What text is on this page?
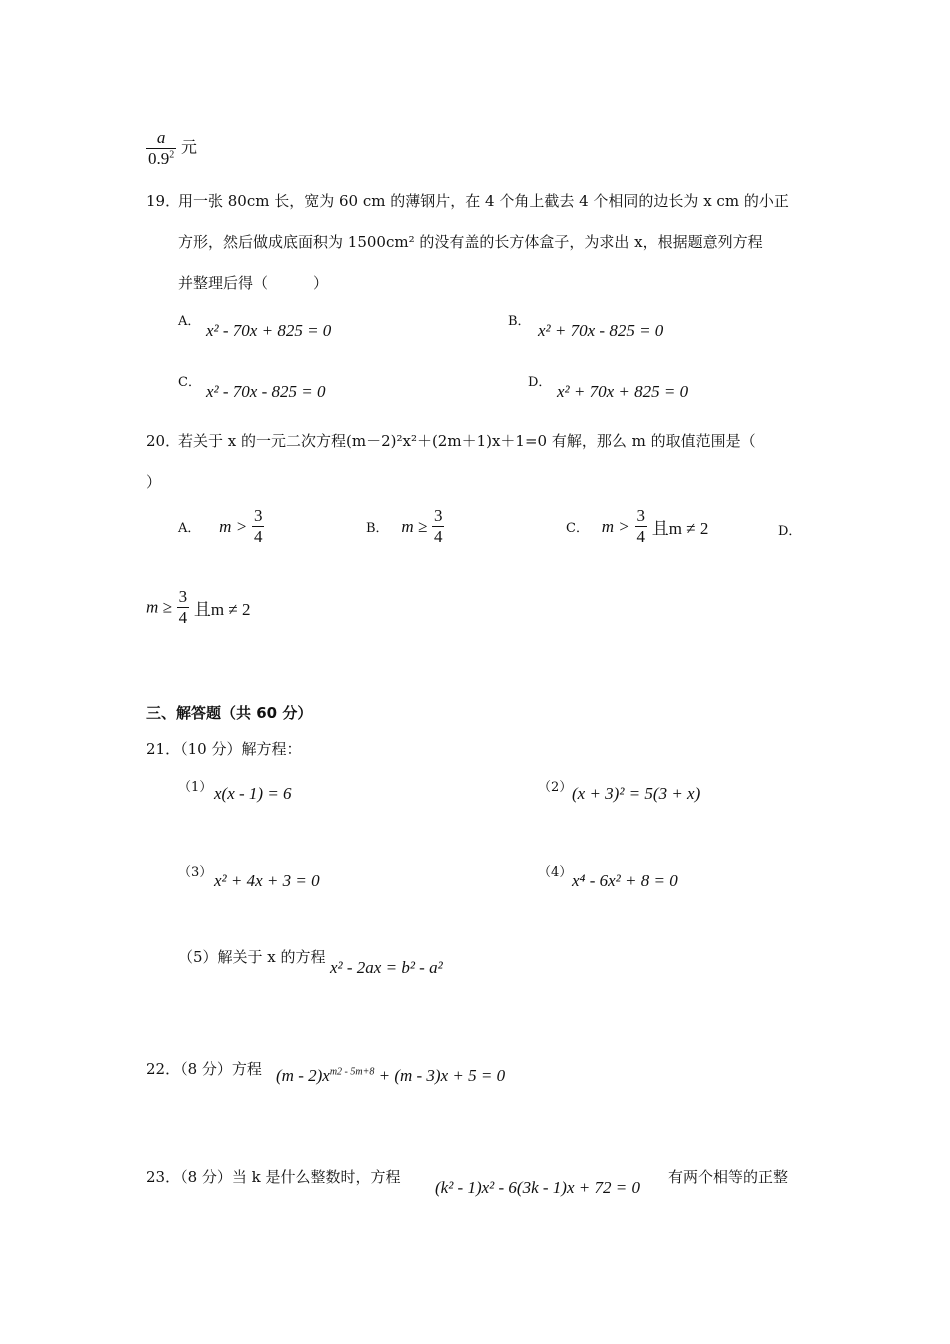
$\frac{a}{0.9^2}$ 元
19．
用一张 80cm 长，宽为 60 cm 的薄钢片，在 4 个角上截去 4 个相同的边长为 x cm 的小正
方形，然后做成底面积为 1500cm² 的没有盖的长方体盒子，为求出 x，根据题意列方程
并整理后得（　　　）
A． x² - 70x + 825 = 0	B． x² + 70x - 825 = 0
C． x² - 70x - 825 = 0	D． x² + 70x + 825 = 0
20．
若关于 x 的一元二次方程(m－2)²x²＋(2m＋1)x＋1=0 有解，那么 m 的取值范围是（
）
A． $m > \frac{3}{4}$	B． $m \ge \frac{3}{4}$	C． $m > \frac{3}{4}$ 且m ≠ 2	D．
$m \ge \frac{3}{4}$ 且m ≠ 2
三、解答题（共 60 分）
21．（10 分）解方程：
（1） x(x - 1) = 6	（2） (x + 3)² = 5(3 + x)
（3） x² + 4x + 3 = 0	（4） x⁴ - 6x² + 8 = 0
（5）解关于 x 的方程
x² - 2ax = b² - a²
22．（8 分）方程 $(m - 2)x^{m2 - 5m+8} + (m - 3)x + 5 = 0$
23．（8 分）当 k 是什么整数时，方程
(k² - 1)x² - 6(3k - 1)x + 72 = 0
有两个相等的正整
